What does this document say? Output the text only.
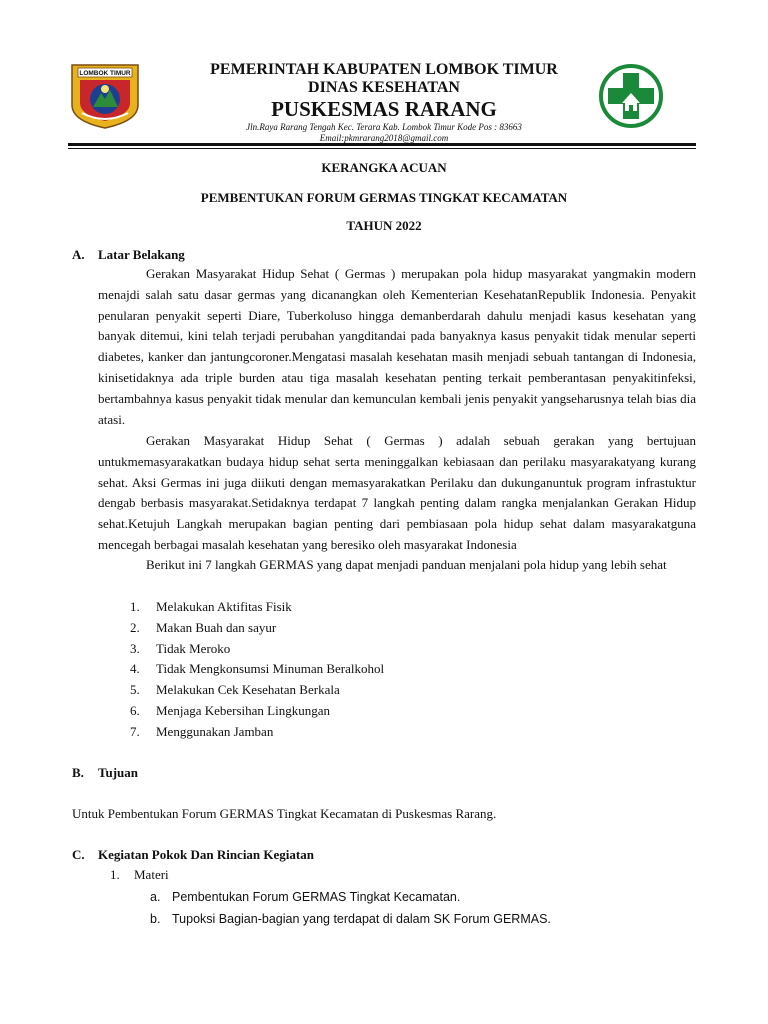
LOMBOK TIMUR	PEMERINTAH KABUPATEN LOMBOK TIMUR
DINAS KESEHATAN
PUSKESMAS RARANG
Jln.Raya Rarang Tengah Kec. Terara Kab. Lombok Timur Kode Pos : 83663
Email:pkmrarang2018@gmail.com
KERANGKA ACUAN
PEMBENTUKAN FORUM GERMAS TINGKAT KECAMATAN
TAHUN 2022
A. Latar Belakang

Gerakan Masyarakat Hidup Sehat ( Germas ) merupakan pola hidup masyarakat yangmakin modern menajdi salah satu dasar germas yang dicanangkan oleh Kementerian KesehatanRepublik Indonesia. Penyakit penularan penyakit seperti Diare, Tuberkoluso hingga demanberdarah dahulu menjadi kasus kesehatan yang banyak ditemui, kini telah terjadi perubahan yangditandai pada banyaknya kasus penyakit tidak menular seperti diabetes, kanker dan jantungcoroner.Mengatasi masalah kesehatan masih menjadi sebuah tantangan di Indonesia, kinisetidaknya ada triple burden atau tiga masalah kesehatan penting terkait pemberantasan penyakitinfeksi, bertambahnya kasus penyakit tidak menular dan kemunculan kembali jenis penyakit yangseharusnya telah bias dia atasi.

Gerakan Masyarakat Hidup Sehat ( Germas ) adalah sebuah gerakan yang bertujuan untukmemasyarakatkan budaya hidup sehat serta meninggalkan kebiasaan dan perilaku masyarakatyang kurang sehat. Aksi Germas ini juga diikuti dengan memasyarakatkan Perilaku dan dukunganuntuk program infrastuktur dengab berbasis masyarakat.Setidaknya terdapat 7 langkah penting dalam rangka menjalankan Gerakan Hidup sehat.Ketujuh Langkah merupakan bagian penting dari pembiasaan pola hidup sehat dalam masyarakatguna mencegah berbagai masalah kesehatan yang beresiko oleh masyarakat Indonesia

Berikut ini 7 langkah GERMAS yang dapat menjadi panduan menjalani pola hidup yang lebih sehat

1. Melakukan Aktifitas Fisik
2. Makan Buah dan sayur
3. Tidak Meroko
4. Tidak Mengkonsumsi Minuman Beralkohol
5. Melakukan Cek Kesehatan Berkala
6. Menjaga Kebersihan Lingkungan
7. Menggunakan Jamban
B. Tujuan
Untuk Pembentukan Forum GERMAS Tingkat Kecamatan di Puskesmas Rarang.
C. Kegiatan Pokok Dan Rincian Kegiatan
1. Materi
a. Pembentukan Forum GERMAS Tingkat Kecamatan.
b. Tupoksi Bagian-bagian yang terdapat di dalam SK Forum GERMAS.
